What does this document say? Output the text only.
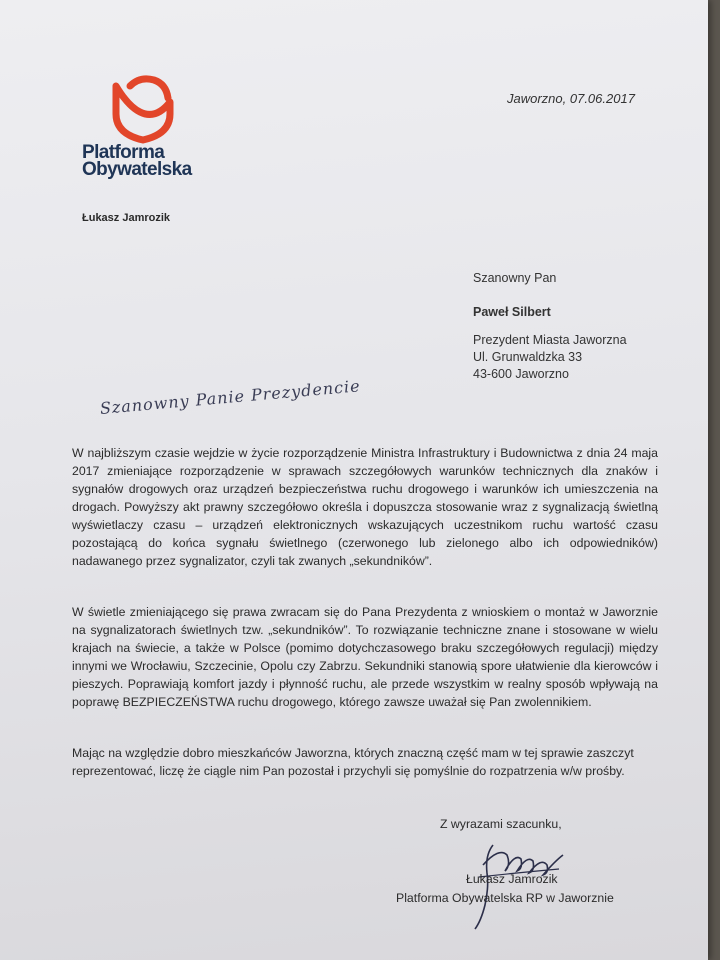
Platforma
Obywatelska
Jaworzno, 07.06.2017
Łukasz Jamrozik
Szanowny Pan
Paweł Silbert
Prezydent Miasta Jaworzna
Ul. Grunwaldzka 33
43-600 Jaworzno
Szanowny Panie Prezydencie

W najbliższym czasie wejdzie w życie rozporządzenie Ministra Infrastruktury i Budownictwa z dnia 24 maja 2017 zmieniające rozporządzenie w sprawach szczegółowych warunków technicznych dla znaków i sygnałów drogowych oraz urządzeń bezpieczeństwa ruchu drogowego i warunków ich umieszczenia na drogach. Powyższy akt prawny szczegółowo określa i dopuszcza stosowanie wraz z sygnalizacją świetlną wyświetlaczy czasu – urządzeń elektronicznych wskazujących uczestnikom ruchu wartość czasu pozostającą do końca sygnału świetlnego (czerwonego lub zielonego albo ich odpowiedników) nadawanego przez sygnalizator, czyli tak zwanych „sekundników”.

W świetle zmieniającego się prawa zwracam się do Pana Prezydenta z wnioskiem o montaż w Jaworznie na sygnalizatorach świetlnych tzw. „sekundników”. To rozwiązanie techniczne znane i stosowane w wielu krajach na świecie, a także w Polsce (pomimo dotychczasowego braku szczegółowych regulacji) między innymi we Wrocławiu, Szczecinie, Opolu czy Zabrzu. Sekundniki stanowią spore ułatwienie dla kierowców i pieszych. Poprawiają komfort jazdy i płynność ruchu, ale przede wszystkim w realny sposób wpływają na poprawę BEZPIECZEŃSTWA ruchu drogowego, którego zawsze uważał się Pan zwolennikiem.

Mając na względzie dobro mieszkańców Jaworzna, których znaczną część mam w tej sprawie zaszczyt reprezentować, liczę że ciągle nim Pan pozostał i przychyli się pomyślnie do rozpatrzenia w/w prośby.

Z wyrazami szacunku,
Łukasz Jamrozik
Platforma Obywatelska RP w Jaworznie
